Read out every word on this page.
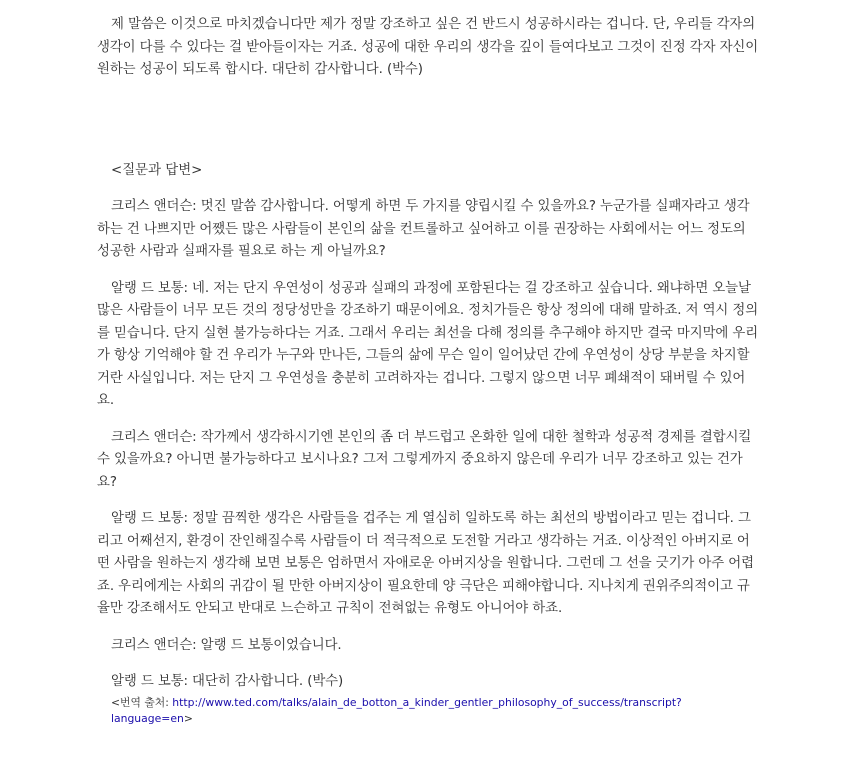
제 말씀은 이것으로 마치겠습니다만 제가 정말 강조하고 싶은 건 반드시 성공하시라는 겁니다. 단, 우리들 각자의 생각이 다를 수 있다는 걸 받아들이자는 거죠. 성공에 대한 우리의 생각을 깊이 들여다보고 그것이 진정 각자 자신이 원하는 성공이 되도록 합시다. 대단히 감사합니다. (박수)

<질문과 답변>

크리스 앤더슨: 멋진 말씀 감사합니다. 어떻게 하면 두 가지를 양립시킬 수 있을까요? 누군가를 실패자라고 생각하는 건 나쁘지만 어쨌든 많은 사람들이 본인의 삶을 컨트롤하고 싶어하고 이를 권장하는 사회에서는 어느 정도의 성공한 사람과 실패자를 필요로 하는 게 아닐까요?

알랭 드 보통: 네. 저는 단지 우연성이 성공과 실패의 과정에 포함된다는 걸 강조하고 싶습니다. 왜냐하면 오늘날 많은 사람들이 너무 모든 것의 정당성만을 강조하기 때문이에요. 정치가들은 항상 정의에 대해 말하죠. 저 역시 정의를 믿습니다. 단지 실현 불가능하다는 거죠. 그래서 우리는 최선을 다해 정의를 추구해야 하지만 결국 마지막에 우리가 항상 기억해야 할 건 우리가 누구와 만나든, 그들의 삶에 무슨 일이 일어났던 간에 우연성이 상당 부분을 차지할 거란 사실입니다. 저는 단지 그 우연성을 충분히 고려하자는 겁니다. 그렇지 않으면 너무 폐쇄적이 돼버릴 수 있어요.

크리스 앤더슨: 작가께서 생각하시기엔 본인의 좀 더 부드럽고 온화한 일에 대한 철학과 성공적 경제를 결합시킬 수 있을까요? 아니면 불가능하다고 보시나요? 그저 그렇게까지 중요하지 않은데 우리가 너무 강조하고 있는 건가요?

알랭 드 보통: 정말 끔찍한 생각은 사람들을 겁주는 게 열심히 일하도록 하는 최선의 방법이라고 믿는 겁니다. 그리고 어째선지, 환경이 잔인해질수록 사람들이 더 적극적으로 도전할 거라고 생각하는 거죠. 이상적인 아버지로 어떤 사람을 원하는지 생각해 보면 보통은 엄하면서 자애로운 아버지상을 원합니다. 그런데 그 선을 긋기가 아주 어렵죠. 우리에게는 사회의 귀감이 될 만한 아버지상이 필요한데 양 극단은 피해야합니다. 지나치게 권위주의적이고 규율만 강조해서도 안되고 반대로 느슨하고 규칙이 전혀없는 유형도 아니어야 하죠.

크리스 앤더슨: 알랭 드 보통이었습니다.

알랭 드 보통: 대단히 감사합니다. (박수)

<번역 출처: http://www.ted.com/talks/alain_de_botton_a_kinder_gentler_philosophy_of_success/transcript?language=en>
